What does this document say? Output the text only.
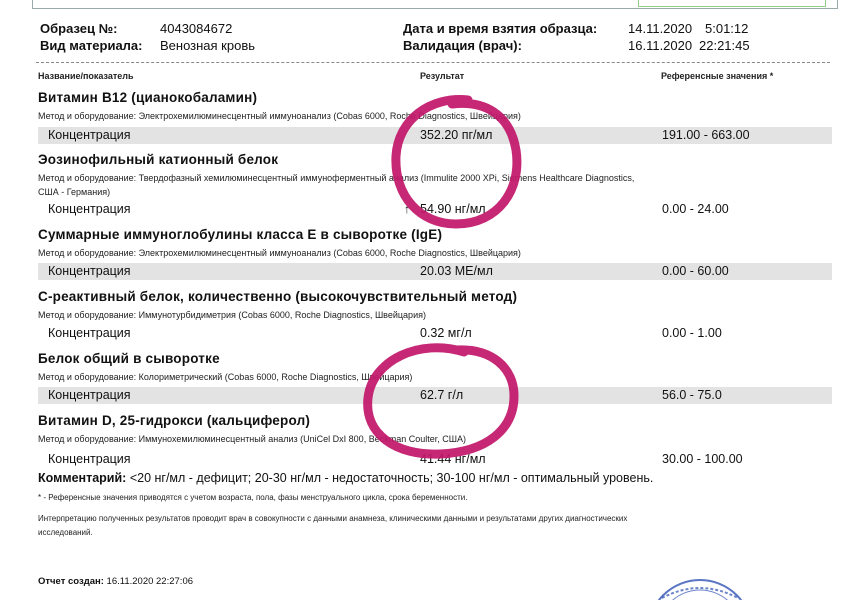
Образец №:	4043084672
Вид материала: Венозная кровь
Дата и время взятия образца: 14.11.2020 5:01:12
Валидация (врач):	16.11.2020 22:21:45
Название/показатель	Результат	Референсные значения *
Витамин В12 (цианокобаламин)
Метод и оборудование: Электрохемилюминесцентный иммуноанализ (Cobas 6000, Roche Diagnostics, Швейцария)
Концентрация	352.20 пг/мл	191.00 - 663.00
Эозинофильный катионный белок
Метод и оборудование: Твердофазный хемилюминесцентный иммуноферментный анализ (Immulite 2000 XPi, Siemens Healthcare Diagnostics,
США - Германия)
↑
Концентрация	54.90 нг/мл	0.00 - 24.00
Суммарные иммуноглобулины класса Е в сыворотке (IgE)
Метод и оборудование: Электрохемилюминесцентный иммуноанализ (Cobas 6000, Roche Diagnostics, Швейцария)
Концентрация	20.03 МЕ/мл	0.00 - 60.00
С-реактивный белок, количественно (высокочувствительный метод)
Метод и оборудование: Иммунотурбидиметрия (Cobas 6000, Roche Diagnostics, Швейцария)
Концентрация	0.32 мг/л	0.00 - 1.00
Белок общий в сыворотке
Метод и оборудование: Колориметрический (Cobas 6000, Roche Diagnostics, Швейцария)
Концентрация	62.7 г/л	56.0 - 75.0
Витамин D, 25-гидрокси (кальциферол)
Метод и оборудование: Иммунохемилюминесцентный анализ (UniCel DxI 800, Beckman Coulter, США)
Концентрация	41.44 нг/мл	30.00 - 100.00
Комментарий: <20 нг/мл - дефицит; 20-30 нг/мл - недостаточность; 30-100 нг/мл - оптимальный уровень.
* - Референсные значения приводятся с учетом возраста, пола, фазы менструального цикла, срока беременности.
Интерпретацию полученных результатов проводит врач в совокупности с данными анамнеза, клиническими данными и результатами других диагностических исследований.
Отчет создан: 16.11.2020 22:27:06
